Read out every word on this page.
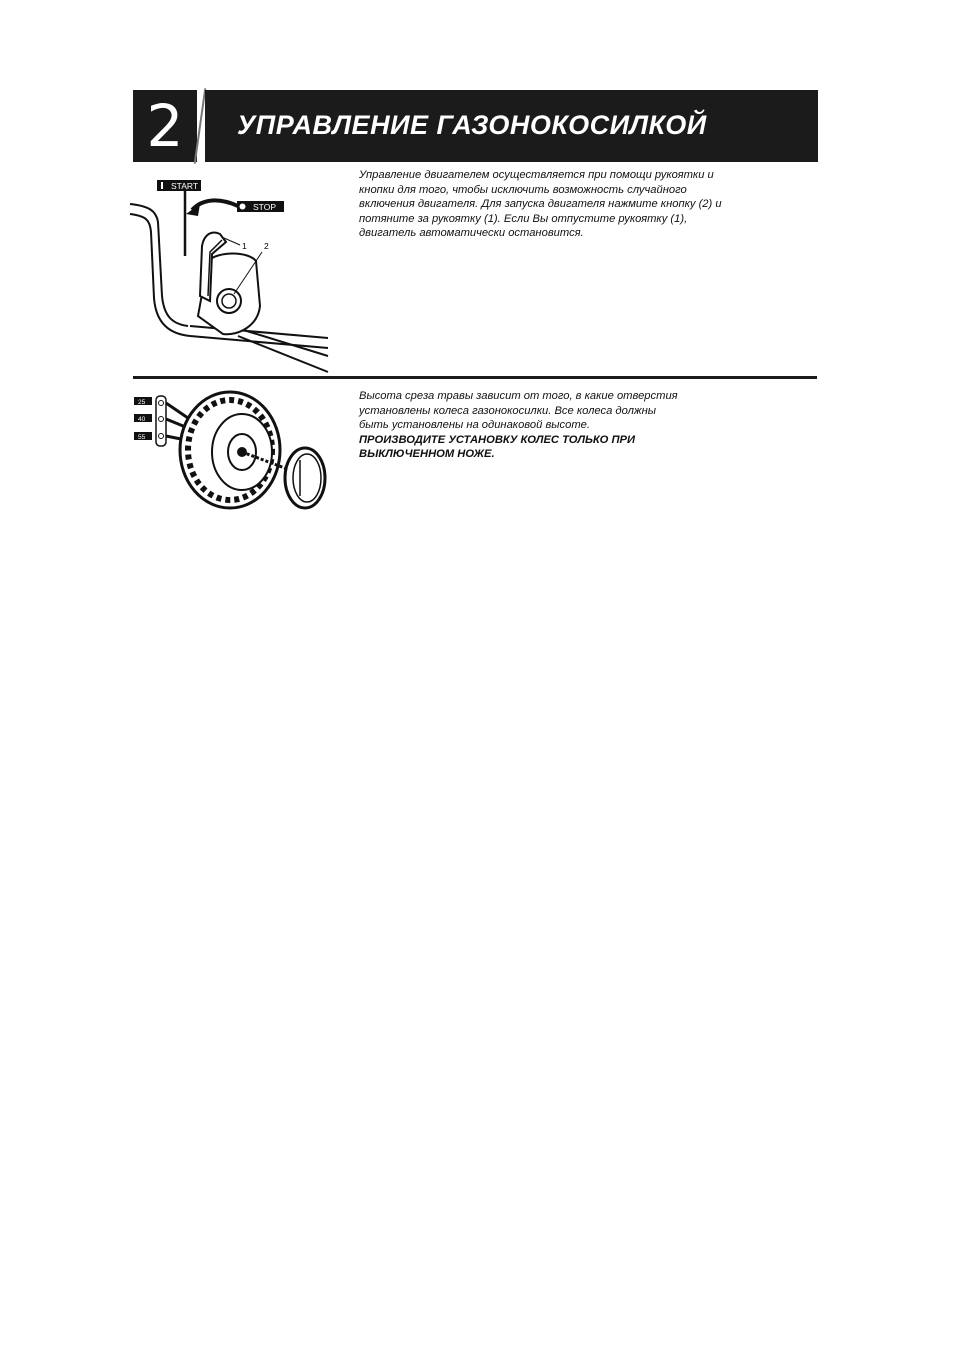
2	УПРАВЛЕНИЕ ГАЗОНОКОСИЛКОЙ
START
STOP
1 2
Управление двигателем осуществляется при помощи рукоятки и
кнопки для того, чтобы исключить возможность случайного
включения двигателя. Для запуска двигателя нажмите кнопку (2) и
потяните за рукоятку (1). Если Вы отпустите рукоятку (1),
двигатель автоматически остановится.
25
40
55
Высота среза травы зависит от того, в какие отверстия
установлены колеса газонокосилки. Все колеса должны
быть установлены на одинаковой высоте.
ПРОИЗВОДИТЕ УСТАНОВКУ КОЛЕС ТОЛЬКО ПРИ
ВЫКЛЮЧЕННОМ НОЖЕ.
